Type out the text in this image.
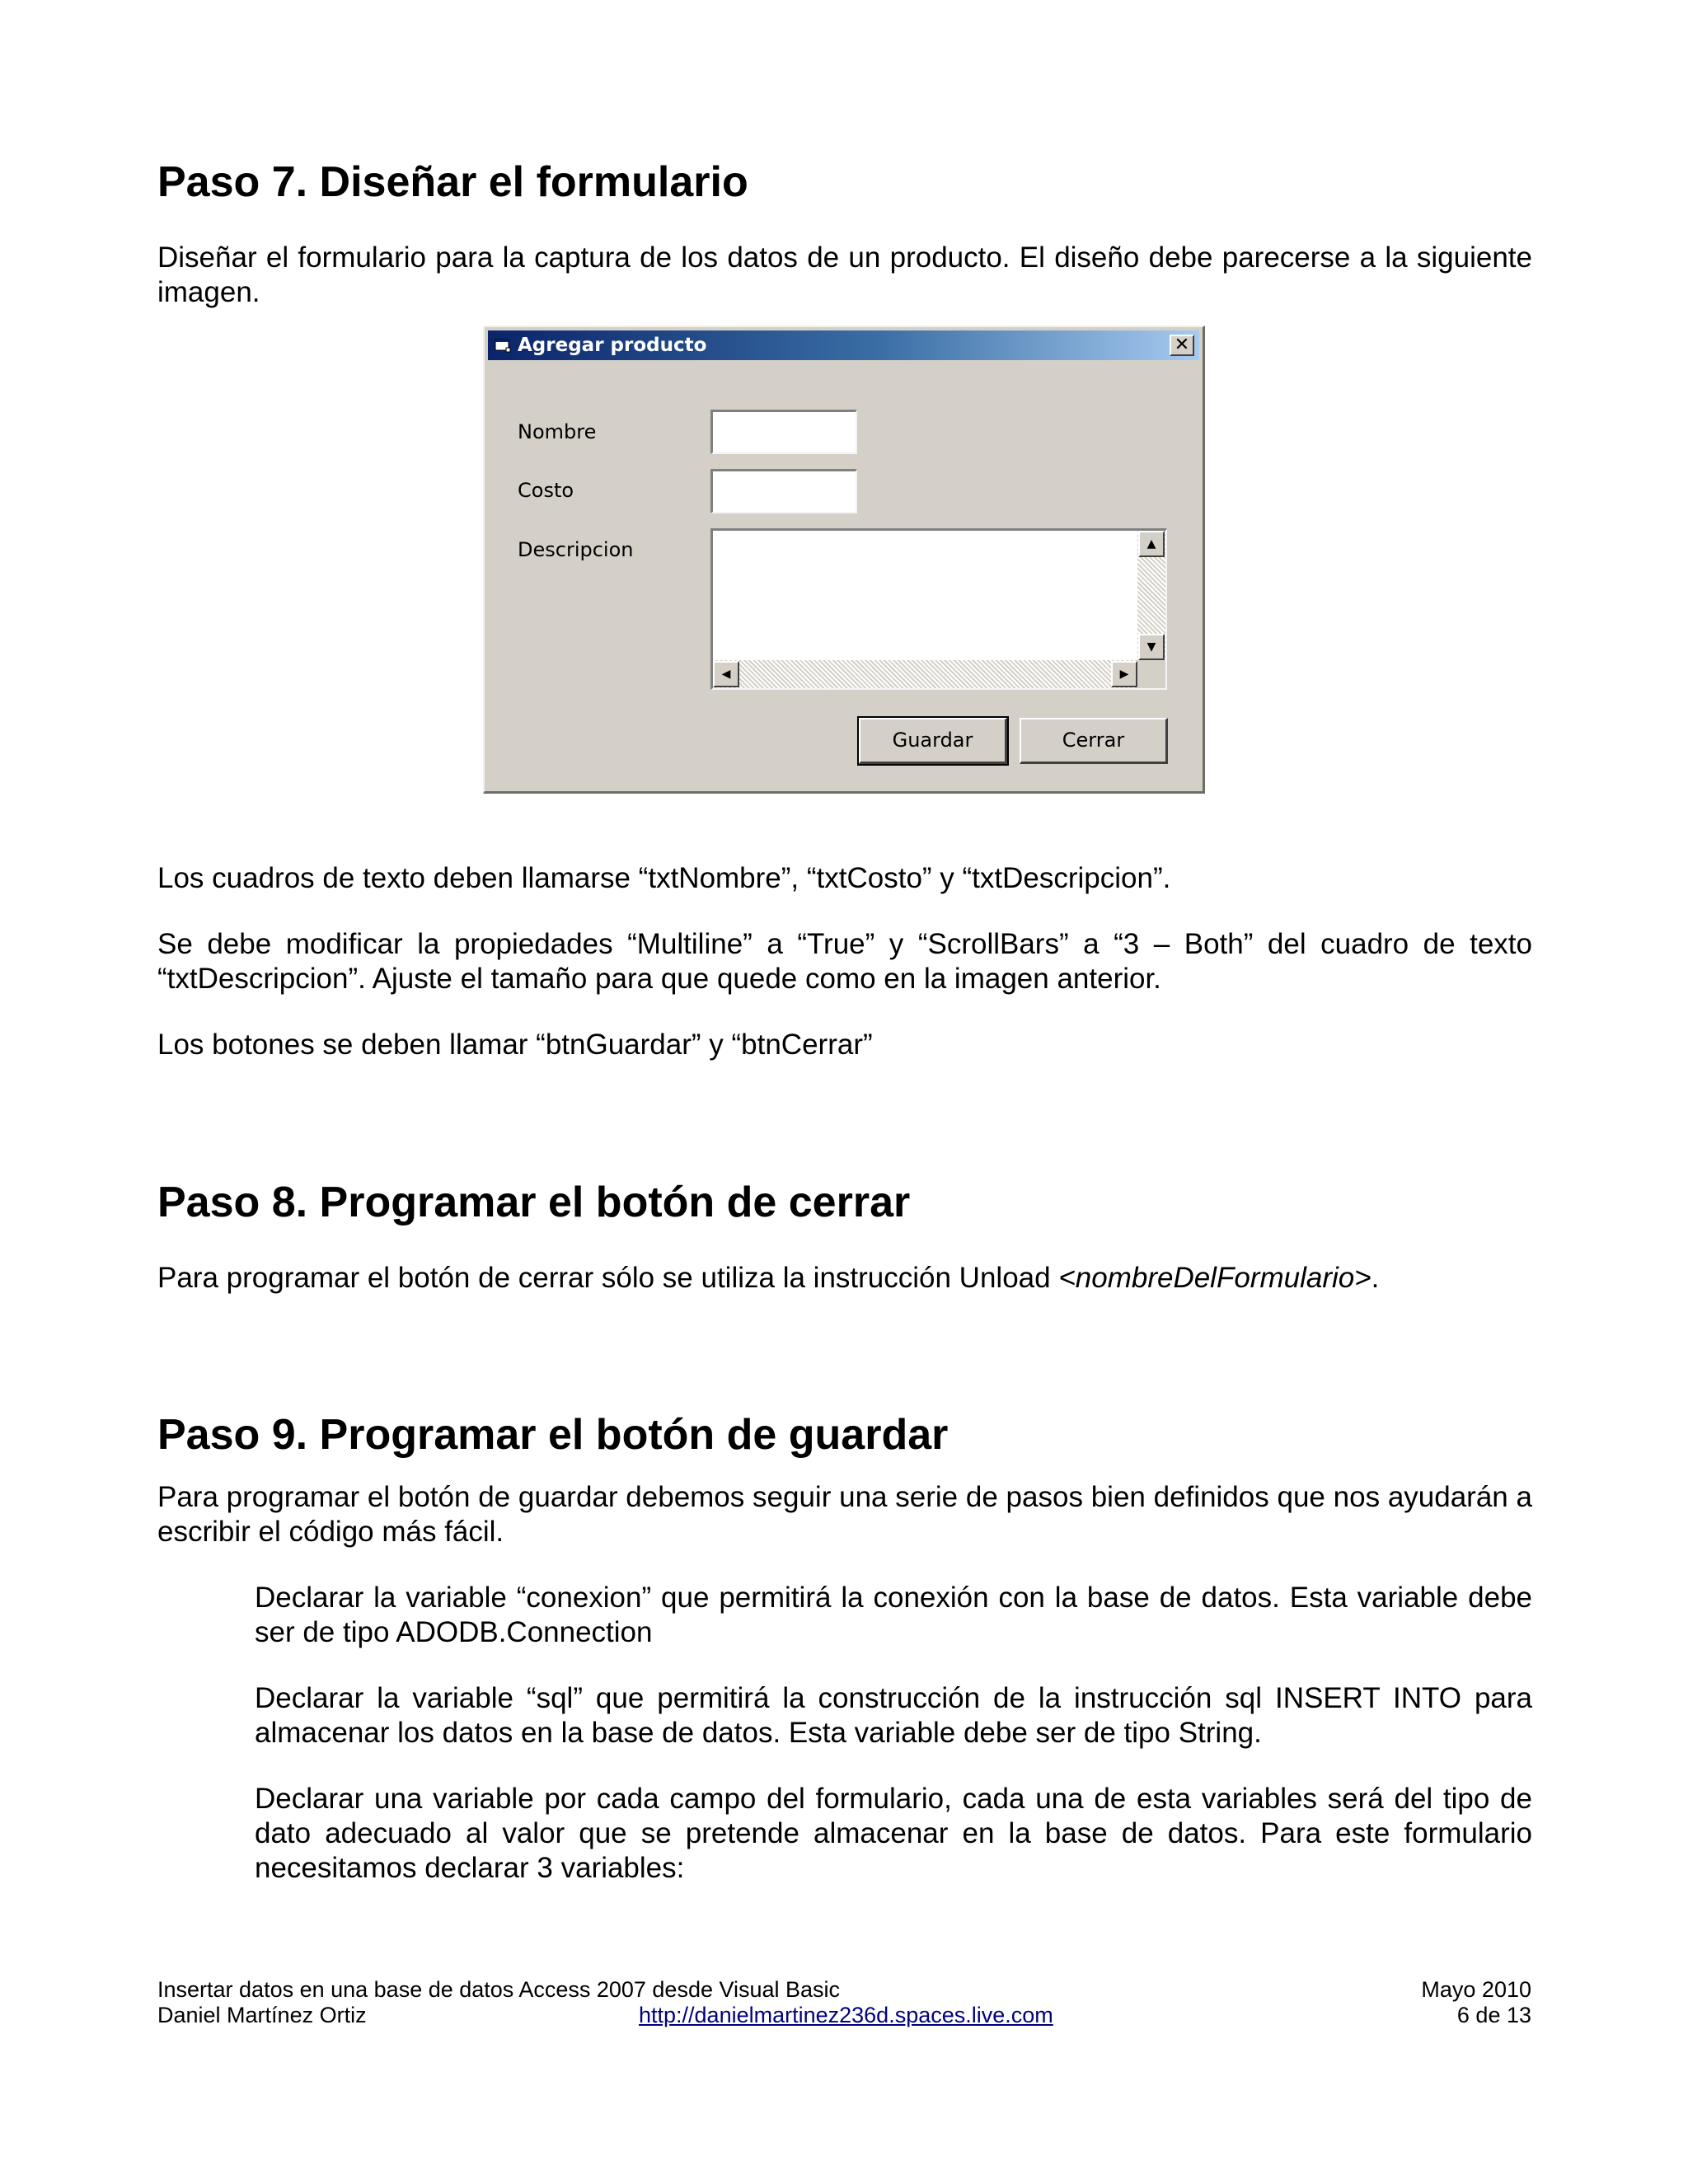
Paso 7. Diseñar el formulario

Diseñar el formulario para la captura de los datos de un producto. El diseño debe parecerse a la siguiente imagen.

Agregar producto	✕
Nombre
Costo
Descripcion	▲
▼
◀	▶
Guardar	Cerrar

Los cuadros de texto deben llamarse “txtNombre”, “txtCosto” y “txtDescripcion”.

Se debe modificar la propiedades “Multiline” a “True” y “ScrollBars” a “3 – Both” del cuadro de texto “txtDescripcion”. Ajuste el tamaño para que quede como en la imagen anterior.

Los botones se deben llamar “btnGuardar” y “btnCerrar”

Paso 8. Programar el botón de cerrar

Para programar el botón de cerrar sólo se utiliza la instrucción Unload <nombreDelFormulario>.

Paso 9. Programar el botón de guardar

Para programar el botón de guardar debemos seguir una serie de pasos bien definidos que nos ayudarán a escribir el código más fácil.

Declarar la variable “conexion” que permitirá la conexión con la base de datos. Esta variable debe ser de tipo ADODB.Connection

Declarar la variable “sql” que permitirá la construcción de la instrucción sql INSERT INTO para almacenar los datos en la base de datos. Esta variable debe ser de tipo String.

Declarar una variable por cada campo del formulario, cada una de esta variables será del tipo de dato adecuado al valor que se pretende almacenar en la base de datos. Para este formulario necesitamos declarar 3 variables:

Insertar datos en una base de datos Access 2007 desde Visual Basic
Daniel Martínez Ortiz	http://danielmartinez236d.spaces.live.com
Mayo 2010
6 de 13
